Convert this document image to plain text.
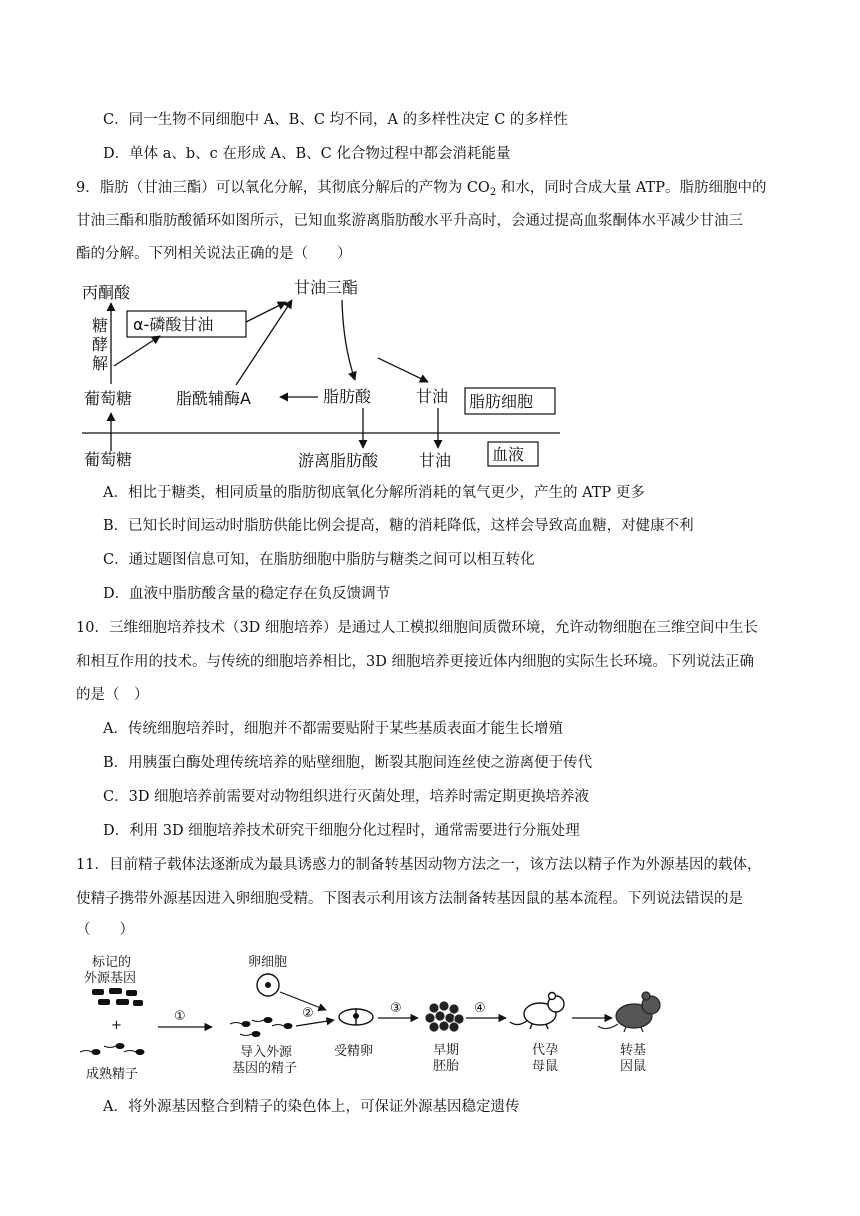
C．同一生物不同细胞中 A、B、C 均不同，A 的多样性决定 C 的多样性
D．单体 a、b、c 在形成 A、B、C 化合物过程中都会消耗能量
9．脂肪（甘油三酯）可以氧化分解，其彻底分解后的产物为 $CO_2$ 和水，同时合成大量 ATP。脂肪细胞中的
甘油三酯和脂肪酸循环如图所示，已知血浆游离脂肪酸水平升高时，会通过提高血浆酮体水平减少甘油三
酯的分解。下列相关说法正确的是（　　）
丙酮酸
糖
酵
解
α-磷酸甘油
甘油三酯
葡萄糖	脂酰辅酶A	脂肪酸	甘油 脂肪细胞
葡萄糖	游离脂肪酸	甘油	血液
A．相比于糖类，相同质量的脂肪彻底氧化分解所消耗的氧气更少，产生的 ATP 更多
B．已知长时间运动时脂肪供能比例会提高，糖的消耗降低，这样会导致高血糖，对健康不利
C．通过题图信息可知，在脂肪细胞中脂肪与糖类之间可以相互转化
D．血液中脂肪酸含量的稳定存在负反馈调节
10．三维细胞培养技术（3D 细胞培养）是通过人工模拟细胞间质微环境，允许动物细胞在三维空间中生长
和相互作用的技术。与传统的细胞培养相比，3D 细胞培养更接近体内细胞的实际生长环境。下列说法正确
的是（　）
A．传统细胞培养时，细胞并不都需要贴附于某些基质表面才能生长增殖
B．用胰蛋白酶处理传统培养的贴壁细胞，断裂其胞间连丝使之游离便于传代
C．3D 细胞培养前需要对动物组织进行灭菌处理，培养时需定期更换培养液
D．利用 3D 细胞培养技术研究干细胞分化过程时，通常需要进行分瓶处理
11．目前精子载体法逐渐成为最具诱惑力的制备转基因动物方法之一，该方法以精子作为外源基因的载体，
使精子携带外源基因进入卵细胞受精。下图表示利用该方法制备转基因鼠的基本流程。下列说法错误的是
（　　）
标记的
外源基因
+
成熟精子
①
卵细胞
导入外源
基因的精子
②
受精卵
③
早期
胚胎
④
代孕
母鼠
转基
因鼠
A．将外源基因整合到精子的染色体上，可保证外源基因稳定遗传
